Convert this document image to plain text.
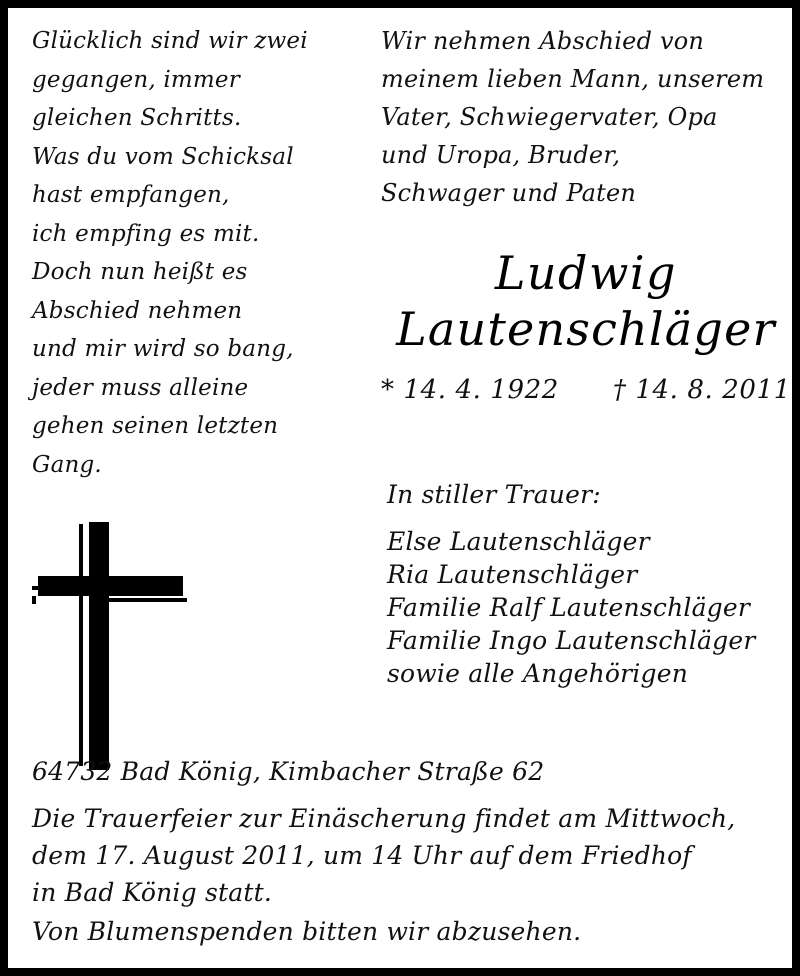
Glücklich sind wir zwei
gegangen, immer
gleichen Schritts.
Was du vom Schicksal
hast empfangen,
ich empfing es mit.
Doch nun heißt es
Abschied nehmen
und mir wird so bang,
jeder muss alleine
gehen seinen letzten
Gang.
Wir nehmen Abschied von
meinem lieben Mann, unserem
Vater, Schwiegervater, Opa
und Uropa, Bruder,
Schwager und Paten
Ludwig
Lautenschläger
* 14. 4. 1922 † 14. 8. 2011
In stiller Trauer:
Else Lautenschläger
Ria Lautenschläger
Familie Ralf Lautenschläger
Familie Ingo Lautenschläger
sowie alle Angehörigen
64732 Bad König, Kimbacher Straße 62
Die Trauerfeier zur Einäscherung findet am Mittwoch,
dem 17. August 2011, um 14 Uhr auf dem Friedhof
in Bad König statt.
Von Blumenspenden bitten wir abzusehen.
